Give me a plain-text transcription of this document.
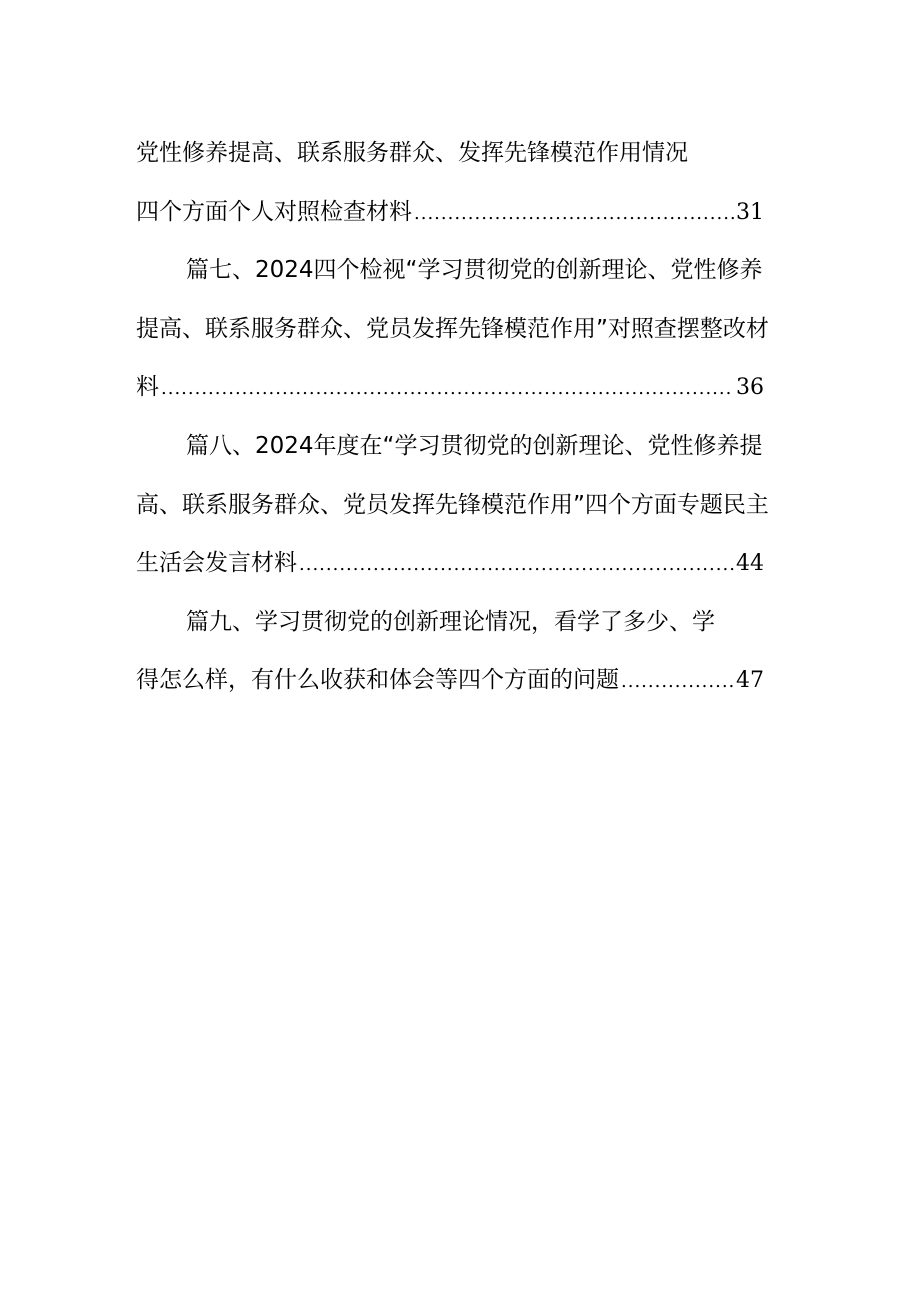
党性修养提高、联系服务群众、发挥先锋模范作用情况
四个方面个人对照检查材料 .....	31
篇七、2024四个检视“学习贯彻党的创新理论、党性修养
提高、联系服务群众、党员发挥先锋模范作用”对照查摆整改材
料 .....	36
篇八、2024年度在“学习贯彻党的创新理论、党性修养提
高、联系服务群众、党员发挥先锋模范作用”四个方面专题民主
生活会发言材料 .....	44
篇九、学习贯彻党的创新理论情况，看学了多少、学
得怎么样，有什么收获和体会等四个方面的问题 .....	47
